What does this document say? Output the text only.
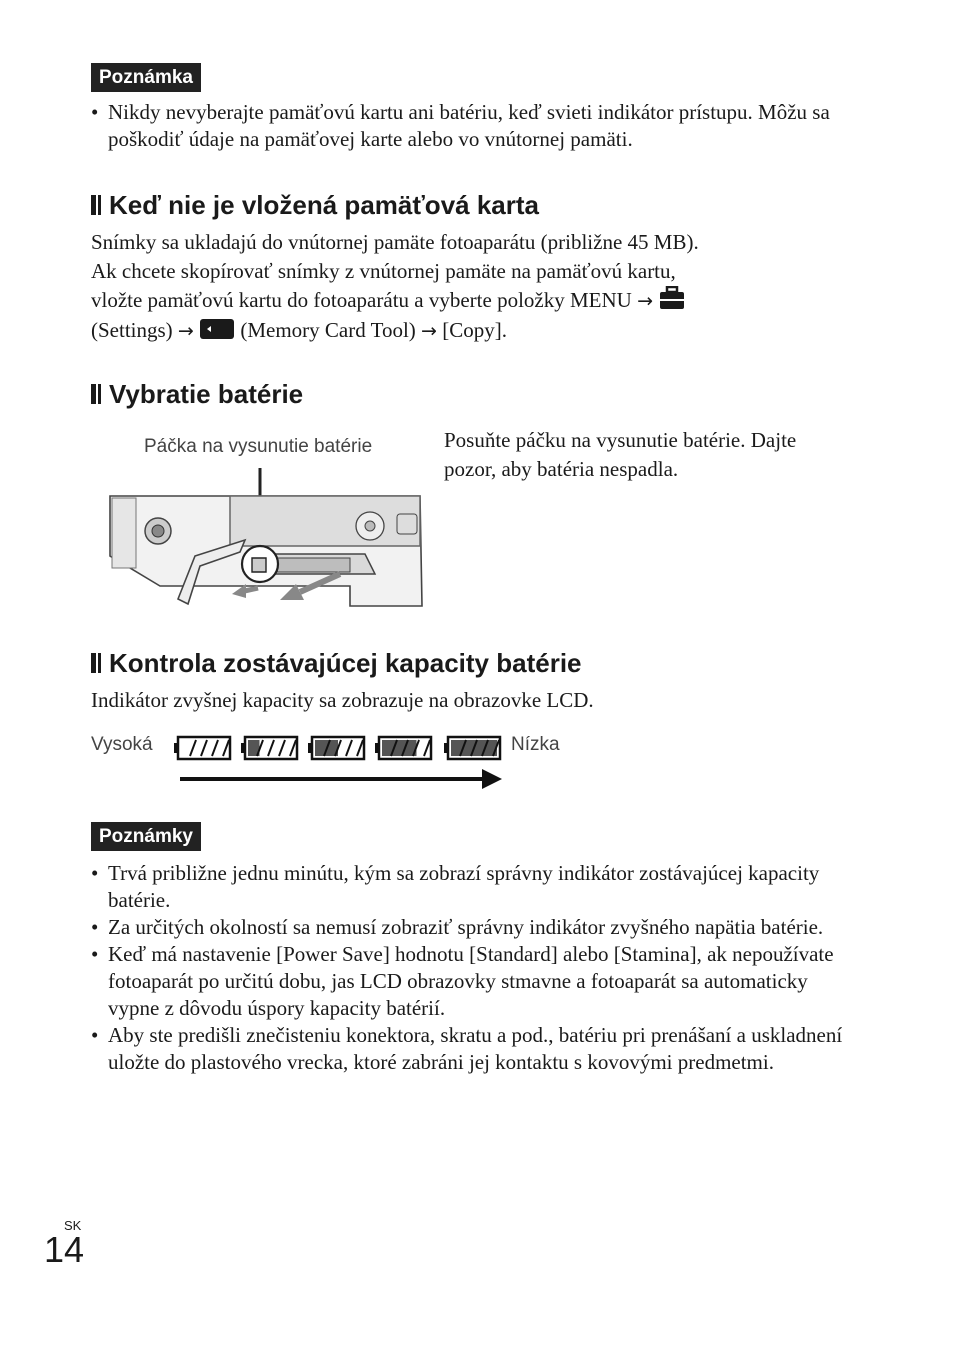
Poznámka
• Nikdy nevyberajte pamäťovú kartu ani batériu, keď svieti indikátor prístupu. Môžu sa poškodiť údaje na pamäťovej karte alebo vo vnútornej pamäti.
Keď nie je vložená pamäťová karta
Snímky sa ukladajú do vnútornej pamäte fotoaparátu (približne 45 MB).
Ak chcete skopírovať snímky z vnútornej pamäte na pamäťovú kartu,
vložte pamäťovú kartu do fotoaparátu a vyberte položky MENU →
(Settings) → (Memory Card Tool) → [Copy].
Vybratie batérie
Páčka na vysunutie batérie	Posuňte páčku na vysunutie batérie. Dajte pozor, aby batéria nespadla.
Kontrola zostávajúcej kapacity batérie
Indikátor zvyšnej kapacity sa zobrazuje na obrazovke LCD.
Vysoká	Nízka
Poznámky
• Trvá približne jednu minútu, kým sa zobrazí správny indikátor zostávajúcej kapacity batérie.
• Za určitých okolností sa nemusí zobraziť správny indikátor zvyšného napätia batérie.
• Keď má nastavenie [Power Save] hodnotu [Standard] alebo [Stamina], ak nepoužívate fotoaparát po určitú dobu, jas LCD obrazovky stmavne a fotoaparát sa automaticky vypne z dôvodu úspory kapacity batérií.
• Aby ste predišli znečisteniu konektora, skratu a pod., batériu pri prenášaní a uskladnení uložte do plastového vrecka, ktoré zabráni jej kontaktu s kovovými predmetmi.
SK
14
